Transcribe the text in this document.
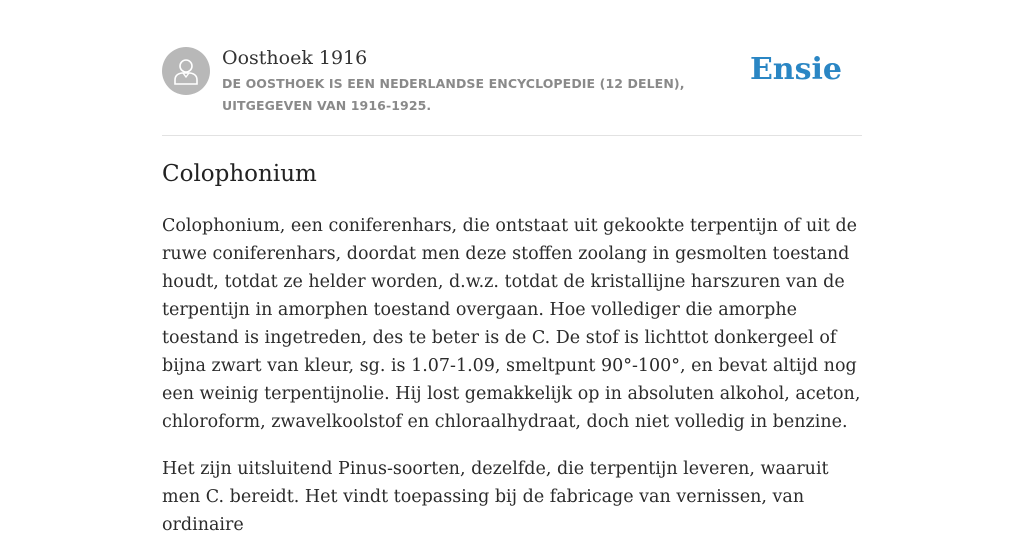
Oosthoek 1916
DE OOSTHOEK IS EEN NEDERLANDSE ENCYCLOPEDIE (12 DELEN), UITGEGEVEN VAN 1916-1925.
Ensie
Colophonium

Colophonium, een coniferenhars, die ontstaat uit gekookte terpentijn of uit de ruwe coniferenhars, doordat men deze stoffen zoolang in gesmolten toestand houdt, totdat ze helder worden, d.w.z. totdat de kristallijne harszuren van de terpentijn in amorphen toestand overgaan. Hoe vollediger die amorphe toestand is ingetreden, des te beter is de C. De stof is lichttot donkergeel of bijna zwart van kleur, sg. is 1.07-1.09, smeltpunt 90°-100°, en bevat altijd nog een weinig terpentijnolie. Hij lost gemakkelijk op in absoluten alkohol, aceton, chloroform, zwavelkoolstof en chloraalhydraat, doch niet volledig in benzine.

Het zijn uitsluitend Pinus-soorten, dezelfde, die terpentijn leveren, waaruit men C. bereidt. Het vindt toepassing bij de fabricage van vernissen, van ordinaire
